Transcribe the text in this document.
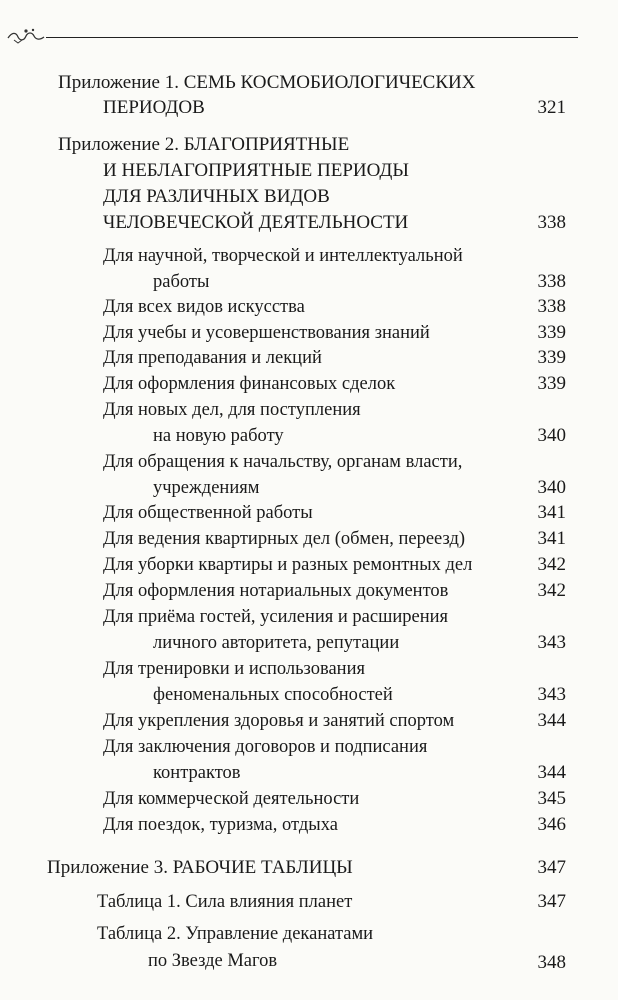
Приложение 1. СЕМЬ КОСМОБИОЛОГИЧЕСКИХ
ПЕРИОДОВ	321
Приложение 2. БЛАГОПРИЯТНЫЕ
И НЕБЛАГОПРИЯТНЫЕ ПЕРИОДЫ
ДЛЯ РАЗЛИЧНЫХ ВИДОВ
ЧЕЛОВЕЧЕСКОЙ ДЕЯТЕЛЬНОСТИ	338
Для научной, творческой и интеллектуальной
работы	338
Для всех видов искусства	338
Для учебы и усовершенствования знаний	339
Для преподавания и лекций	339
Для оформления финансовых сделок	339
Для новых дел, для поступления
на новую работу	340
Для обращения к начальству, органам власти,
учреждениям	340
Для общественной работы	341
Для ведения квартирных дел (обмен, переезд)	341
Для уборки квартиры и разных ремонтных дел	342
Для оформления нотариальных документов	342
Для приёма гостей, усиления и расширения
личного авторитета, репутации	343
Для тренировки и использования
феноменальных способностей	343
Для укрепления здоровья и занятий спортом	344
Для заключения договоров и подписания
контрактов	344
Для коммерческой деятельности	345
Для поездок, туризма, отдыха	346
Приложение 3. РАБОЧИЕ ТАБЛИЦЫ	347
Таблица 1. Сила влияния планет	347
Таблица 2. Управление деканатами
по Звезде Магов	348
